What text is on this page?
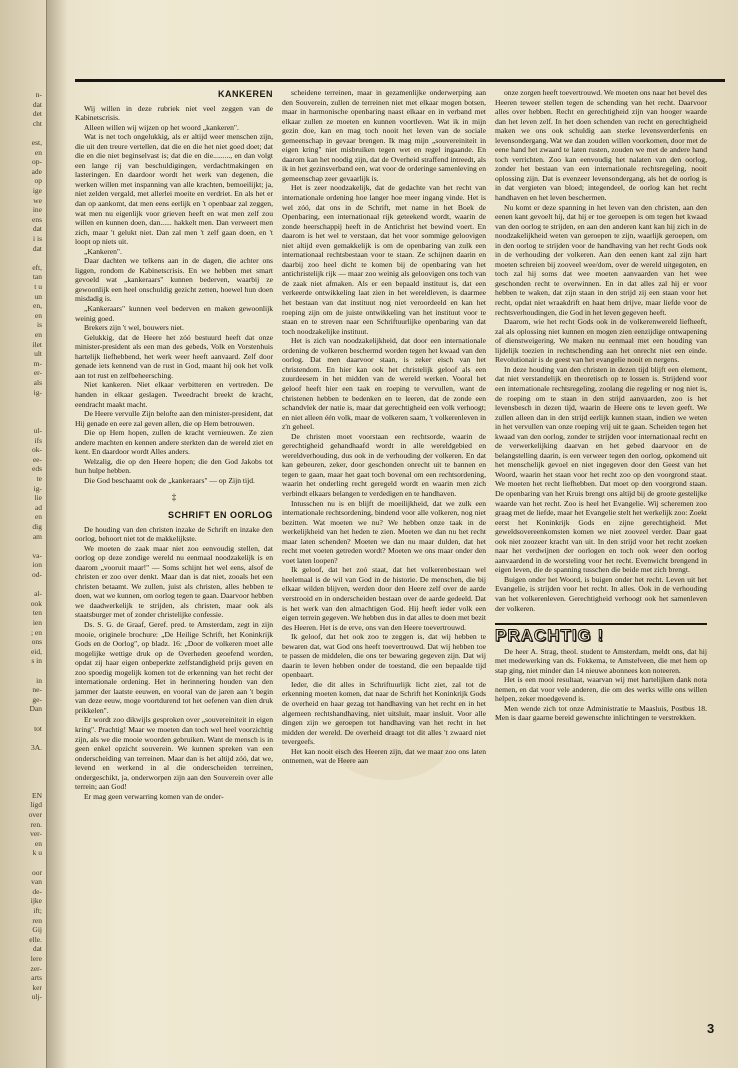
n-
dat
det
cht
est,
en
op-
ade
op
ige
we
ine
ens
dat
i is
dat
eft,
tan
t u
un
en,
en
is
en
ilet
ult
m-
er-
als
ig-
ul-
ifs
ok-
ee-
eds
te
ig-
lie
ad
en
dig
am
va-
ion
od-
al-
ook
ten
ien
; en
ons
eid,
s in
in
ne-
ge-
Dan
tot
3A.
EN
ligd
over
ren.
ver-
en
k u
oor
van
de-
ijke
ift;
ren
Gij
elle.
dat
lere
zer-
arts
ker
ulj-
KANKEREN

Wij willen in deze rubriek niet veel zeggen van de Kabinetscrisis.

Alleen willen wij wijzen op het woord „kankeren".

Wat is net toch ongelukkig, als er altijd weer menschen zijn, die uit den treure vertellen, dat die en die het niet goed doet; dat die en die niet beginselvast is; dat die en die........., en dan volgt een lange rij van beschuldigingen, verdachtmakingen en lasteringen. En daardoor wordt het werk van degenen, die werken willen met inspanning van alle krachten, bemoeilijkt; ja, niet zelden vergald, met allerlei moeite en verdriet. En als het er dan op aankomt, dat men eens eerlijk en 't openbaar zal zeggen, wat men nu eigenlijk voor grieven heeft en wat men zelf zou willen en kunnen doen, dan...... hakkelt men. Dan verweert men zich, maar 't gelukt niet. Dan zal men 't zelf gaan doen, en 't loopt op niets uit.

„Kankeren".

Daar dachten we telkens aan in de dagen, die achter ons liggen, rondom de Kabinetscrisis. En we hebben met smart gevoeld wat „kankeraars" kunnen bederven, waarbij ze gewoonlijk een heel onschuldig gezicht zetten, hoewel hun doen misdadig is.

„Kankeraars" kunnen veel bederven en maken gewoonlijk weinig goed.

Brekers zijn 't wel, bouwers niet.

Gelukkig, dat de Heere het zóó bestuurd heeft dat onze minister-president als een man des gebeds, Volk en Vorstenhuis hartelijk liefhebbend, het werk weer heeft aanvaard. Zelf door genade iets kennend van de rust in God, maant hij ook het volk aan tot rust en zelfbeheersching.

Niet kankeren. Niet elkaar verbitteren en vertreden. De handen in elkaar geslagen. Tweedracht breekt de kracht, eendracht maakt macht.

De Heere vervulle Zijn belofte aan den minister-president, dat Hij genade en eere zal geven allen, die op Hem betrouwen.

Die op Hem hopen, zullen de kracht vernieuwen. Ze zien andere machten en kennen andere sterkten dan de wereld ziet en kent. En daardoor wordt Alles anders.

Welzalig, die op den Heere hopen; die den God Jakobs tot hun hulpe hebben.

Die God beschaamt ook de „kankeraars" — op Zijn tijd.

‡
SCHRIFT EN OORLOG

De houding van den christen inzake de Schrift en inzake den oorlog, behoort niet tot de makkelijkste.

We moeten de zaak maar niet zoo eenvoudig stellen, dat oorlog op deze zondige wereld nu eenmaal noodzakelijk is en daarom „vooruit maar!" — Soms schijnt het wel eens, alsof de christen er zoo over denkt. Maar dan is dat niet, zooals het een christen betaamt. We zullen, juist als christen, alles hebben te doen, wat we kunnen, om oorlog tegen te gaan. Daarvoor hebben we daadwerkelijk te strijden, als christen, maar ook als staatsburger met of zonder christelijke confessie.

Ds. S. G. de Graaf, Geref. pred. te Amsterdam, zegt in zijn mooie, originele brochure: „De Heilige Schrift, het Koninkrijk Gods en de Oorlog", op bladz. 16: „Door de volkeren moet alle mogelijke wettige druk op de Overheden geoefend worden, opdat zij haar eigen onbeperkte zelfstandigheid prijs geven en zoo spoedig mogelijk komen tot de erkenning van het recht der internationale ordening. Het in herinnering houden van den jammer der laatste eeuwen, en vooral van de jaren aan 't begin van deze eeuw, moge voortdurend tot het oefenen van dien druk prikkelen".

Er wordt zoo dikwijls gesproken over „souvereiniteit in eigen kring". Prachtig! Maar we moeten dan toch wel heel voorzichtig zijn, als we die mooie woorden gebruiken. Want de mensch is in geen enkel opzicht souverein. We kunnen spreken van een onderscheiding van terreinen. Maar dan is het altijd zóó, dat we, levend en werkend in al die onderscheiden terreinen, ondergeschikt, ja, onderworpen zijn aan den Souverein over alle terrein; aan God!

Er mag geen verwarring komen van de onder-

scheidene terreinen, maar in gezamenlijke onderwerping aan den Souverein, zullen de terreinen niet met elkaar mogen botsen, maar in harmonische openbaring naast elkaar en in verband met elkaar zullen ze moeten en kunnen voortleven. Wat ik in mijn gezin doe, kan en mag toch nooit het leven van de sociale gemeenschap in gevaar brengen. Ik mag mijn „souvereiniteit in eigen kring" niet misbruiken tegen wet en regel ingaande. En daarom kan het noodig zijn, dat de Overheid straffend intreedt, als ik in het gezinsverband een, wat voor de orderinge samenleving en gemeenschap zeer gevaarlijk is.

Het is zeer noodzakelijk, dat de gedachte van het recht van internationale ordening hoe langer hoe meer ingang vinde. Het is wel zóó, dat ons in de Schrift, met name in het Boek de Openbaring, een internationaal rijk geteekend wordt, waarin de zonde heerschappij heeft in de Antichrist het bewind voert. En daarom is het wel te verstaan, dat het voor sommige geloovigen niet altijd even gemakkelijk is om de openbaring van zulk een internationaal rechtsbestaan voor te staan. Ze schijnen daarin en daarbij zoo heel dicht te komen bij de openbaring van het antichristelijk rijk — maar zoo weinig als geloovigen ons toch van de zaak niet afmaken. Als er een bepaald instituut is, dat een verkeerde ontwikkeling laat zien in het wereldleven, is daarmee het bestaan van dat instituut nog niet veroordeeld en kan het roeping zijn om de juiste ontwikkeling van het instituut voor te staan en te streven naar een Schriftuurlijke openbaring van dat toch noodzakelijke instituut.

Het is zich van noodzakelijkheid, dat door een internationale ordening de volkeren beschermd worden tegen het kwaad van den oorlog. Dat men daarvoor staan, is zeker eisch van het christendom. En hier kan ook het christelijk geloof als een zuurdeesem in het midden van de wereld werken. Vooral het geloof heeft hier een taak en roeping te vervullen, want de christenen hebben te bedenken en te leeren, dat de zonde een schandvlek der natie is, maar dat gerechtigheid een volk verhoogt; en niet alleen één volk, maar de volkeren saam, 't volkerenleven in z'n geheel.

De christen moet voorstaan een rechtsorde, waarin de gerechtigheid gehandhaafd wordt in alle wereldgebied en wereldverhouding, dus ook in de verhouding der volkeren. En dat kan gebeuren, zeker, door geschonden onrecht uit te bannen en tegen te gaan, maar het gaat toch bovenal om een rechtsordening, waarin het onderling recht geregeld wordt en waarin men zich verbindt elkaars belangen te verdedigen en te handhaven.

Intusschen nu is en blijft de moeilijkheid, dat we zulk een internationale rechtsordening, bindend voor alle volkeren, nog niet bezitten. Wat moeten we nu? We hebben onze taak in de werkelijkheid van het heden te zien. Moeten we dan nu het recht maar laten schenden? Moeten we dan nu maar dulden, dat het recht met voeten getreden wordt? Moeten we ons maar onder den voet laten loopen?

Ik geloof, dat het zoó staat, dat het volkerenbestaan wel heelemaal is de wil van God in de historie. De menschen, die bij elkaar wilden blijven, werden door den Heere zelf over de aarde verstrooid en in onderscheiden bestaan over de aarde gedeeld. Dat is het werk van den almachtigen God. Hij heeft ieder volk een eigen terrein gegeven. We hebben dus in dat alles te doen met bezit des Heeren. Het is de erve, ons van den Heere toevertrouwd.

Ik geloof, dat het ook zoo te zeggen is, dat wij hebben te bewaren dat, wat God ons heeft toevertrouwd. Dat wij hebben toe te passen de middelen, die ons ter bewaring gegeven zijn. Dat wij daarin te leven hebben onder de toestand, die een bepaalde tijd openbaart.

Ieder, die dit alles in Schriftuurlijk licht ziet, zal tot de erkenning moeten komen, dat naar de Schrift het Koninkrijk Gods de overheid en haar gezag tot handhaving van het recht en in het algemeen rechtshandhaving, niet uitsluit, maar insluit. Voor alle dingen zijn we geroepen tot handhaving van het recht in het midden der wereld. De overheid draagt tot dit alles 't zwaard niet tevergeefs.

Het kan nooit eisch des Heeren zijn, dat we maar zoo ons laten ontnemen, wat de Heere aan

onze zorgen heeft toevertrouwd. We moeten ons naar het bevel des Heeren teweer stellen tegen de schending van het recht. Daarvoor alles over hebben. Recht en gerechtigheid zijn van hooger waarde dan het leven zelf. In het doen schenden van recht en gerechtigheid maken we ons ook schuldig aan sterke levensverderfenis en levensondergang. Wat we dan zouden willen voorkomen, door met de eene hand het zwaard te laten rusten, zouden we met de andere hand toch verrichten. Zoo kan eenvoudig het nalaten van den oorlog, zonder het bestaan van een internationale rechtsregeling, nooit oplossing zijn. Dat is evenzeer levensondergang, als het de oorlog is in dat vergieten van bloed; integendeel, de oorlog kan het recht handhaven en het leven beschermen.

Nu komt er deze spanning in het leven van den christen, aan den eenen kant gevoelt hij, dat hij er toe geroepen is om tegen het kwaad van den oorlog te strijden, en aan den anderen kant kan hij zich in de noodzakelijkheid weten van geroepen te zijn, waarlijk geroepen, om in den oorlog te strijden voor de handhaving van het recht Gods ook in de verhouding der volkeren. Aan den eenen kant zal zijn hart moeten schreien bij zooveel wee/dom, over de wereld uitgegoten, en toch zal hij soms dat wee moeten aanvaarden van het wee geschonden recht te overwinnen. En in dat alles zal hij er voor hebben te waken, dat zijn staan in den strijd zij een staan voor het recht, opdat niet wraakdrift en haat hem drijve, maar liefde voor de rechtsverhoudingen, die God in het leven gegeven heeft.

Daarom, wie het recht Gods ook in de volkerenwereld liefheeft, zal als oplossing niet kunnen en mogen zien eenzijdige ontwapening of dienstweigering. We maken nu eenmaal met een houding van lijdelijk toezien in rechtschending aan het onrecht niet een einde. Revolutionair is de geest van het evangelie nooit en nergens.

In deze houding van den christen in dezen tijd blijft een element, dat niet verstandelijk en theoretisch op te lossen is. Strijdend voor een internationale rechtsregeling, zoolang die regeling er nog niet is, de roeping om te staan in den strijd aanvaarden, zoo is het levensbesch in dezen tijd, waarin de Heere ons te leven geeft. We zullen alleen dan in den strijd eerlijk kunnen staan, indien we weten in het vervullen van onze roeping vrij uit te gaan. Scheiden tegen het kwaad van den oorlog, zonder te strijden voor internationaal recht en de verwerkelijking daarvan en het gebed daarvoor en de belangstelling daarin, is een verweer tegen den oorlog, opkomend uit het menschelijk gevoel en niet ingegeven door den Geest van het Woord, waarin het staan voor het recht zoo op den voorgrond staat. We moeten het recht liefhebben. Dat moet op den voorgrond staan. De openbaring van het Kruis brengt ons altijd bij de groote gestelijke waarde van het recht. Zoo is heel het Evangelie. Wij scheremen zoo graag met de liefde, maar het Evangelie stelt het werkelijk zoo: Zoekt eerst het Koninkrijk Gods en zijne gerechtigheid. Met geweldsovereenkomsten komen we niet zooveel verder. Daar gaat ook niet zoozeer kracht van uit. In den strijd voor het recht zoeken naar het verdwijnen der oorlogen en toch ook weer den oorlog aanvaardend in de worsteling voor het recht. Evenwicht brengend in eigen leven, die de spanning tusschen die beide met zich brengt.

Buigen onder het Woord, is buigen onder het recht. Leven uit het Evangelie, is strijden voor het recht. In alles. Ook in de verhouding van het volkerenleven. Gerechtigheid verhoogt ook het samenleven der volkeren.

PRACHTIG !

De heer A. Strag, theol. student te Amsterdam, meldt ons, dat hij met medewerking van ds. Fokkema, te Amstelveen, die met hem op stap ging, niet minder dan 14 nieuwe abonnees kon noteeren.

Het is een mooi resultaat, waarvan wij met hartelijken dank nota nemen, en dat voor vele anderen, die om des werks wille ons willen helpen, zeker moedgevend is.

Men wende zich tot onze Administratie te Maasluis, Postbus 18. Men is daar gaarne bereid gewenschte inlichtingen te verstrekken.

3
